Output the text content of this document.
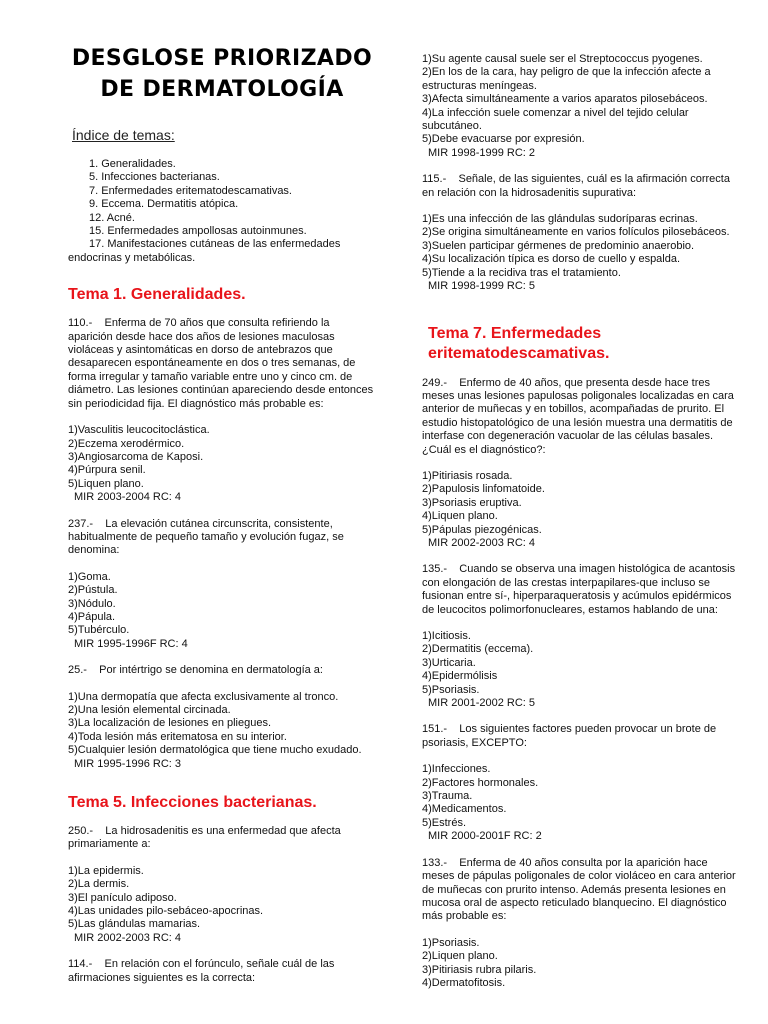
DESGLOSE PRIORIZADO
DE DERMATOLOGÍA
Índice de temas:

1. Generalidades.

5. Infecciones bacterianas.

7. Enfermedades eritematodescamativas.

9. Eccema. Dermatitis atópica.

12. Acné.

15. Enfermedades ampollosas autoinmunes.

17. Manifestaciones cutáneas de las enfermedades endocrinas y metabólicas.

Tema 1. Generalidades.

110.-    Enferma de 70 años que consulta refiriendo la aparición desde hace dos años de lesiones maculosas violáceas y asintomáticas en dorso de antebrazos que desaparecen espontáneamente en dos o tres semanas, de forma irregular y tamaño variable entre uno y cinco cm. de diámetro. Las lesiones continúan apareciendo desde entonces sin periodicidad fija. El diagnóstico más probable es:

1)Vasculitis leucocitoclástica.

2)Eczema xerodérmico.

3)Angiosarcoma de Kaposi.

4)Púrpura senil.

5)Liquen plano.

MIR 2003-2004 RC: 4

237.-    La elevación cutánea circunscrita, consistente, habitualmente de pequeño tamaño y evolución fugaz, se denomina:

1)Goma.

2)Pústula.

3)Nódulo.

4)Pápula.

5)Tubérculo.

MIR 1995-1996F RC: 4

25.-    Por intértrigo se denomina en dermatología a:

1)Una dermopatía que afecta exclusivamente al tronco.

2)Una lesión elemental circinada.

3)La localización de lesiones en pliegues.

4)Toda lesión más eritematosa en su interior.

5)Cualquier lesión dermatológica que tiene mucho exudado.

MIR 1995-1996 RC: 3

Tema 5. Infecciones bacterianas.

250.-    La hidrosadenitis es una enfermedad que afecta primariamente a:

1)La epidermis.

2)La dermis.

3)El panículo adiposo.

4)Las unidades pilo-sebáceo-apocrinas.

5)Las glándulas mamarias.

MIR 2002-2003 RC: 4

114.-    En relación con el forúnculo, señale cuál de las afirmaciones siguientes es la correcta:

1)Su agente causal suele ser el Streptococcus pyogenes.

2)En los de la cara, hay peligro de que la infección afecte a estructuras meníngeas.

3)Afecta simultáneamente a varios aparatos pilosebáceos.

4)La infección suele comenzar a nivel del tejido celular subcutáneo.

5)Debe evacuarse por expresión.

MIR 1998-1999 RC: 2

115.-    Señale, de las siguientes, cuál es la afirmación correcta en relación con la hidrosadenitis supurativa:

1)Es una infección de las glándulas sudoríparas ecrinas.

2)Se origina simultáneamente en varios folículos pilosebáceos.

3)Suelen participar gérmenes de predominio anaerobio.

4)Su localización típica es dorso de cuello y espalda.

5)Tiende a la recidiva tras el tratamiento.

MIR 1998-1999 RC: 5

Tema 7. Enfermedades
eritematodescamativas.

249.-    Enfermo de 40 años, que presenta desde hace tres meses unas lesiones papulosas poligonales localizadas en cara anterior de muñecas y en tobillos, acompañadas de prurito. El estudio histopatológico de una lesión muestra una dermatitis de interfase con degeneración vacuolar de las células basales. ¿Cuál es el diagnóstico?:

1)Pitiriasis rosada.

2)Papulosis linfomatoide.

3)Psoriasis eruptiva.

4)Liquen plano.

5)Pápulas piezogénicas.

MIR 2002-2003 RC: 4

135.-    Cuando se observa una imagen histológica de acantosis con elongación de las crestas interpapilares-que incluso se fusionan entre sí-, hiperparaqueratosis y acúmulos epidérmicos de leucocitos polimorfonucleares, estamos hablando de una:

1)Icitiosis.

2)Dermatitis (eccema).

3)Urticaria.

4)Epidermólisis

5)Psoriasis.

MIR 2001-2002 RC: 5

151.-    Los siguientes factores pueden provocar un brote de psoriasis, EXCEPTO:

1)Infecciones.

2)Factores hormonales.

3)Trauma.

4)Medicamentos.

5)Estrés.

MIR 2000-2001F RC: 2

133.-    Enferma de 40 años consulta por la aparición hace meses de pápulas poligonales de color violáceo en cara anterior de muñecas con prurito intenso. Además presenta lesiones en mucosa oral de aspecto reticulado blanquecino. El diagnóstico más probable es:

1)Psoriasis.

2)Liquen plano.

3)Pitiriasis rubra pilaris.

4)Dermatofitosis.
